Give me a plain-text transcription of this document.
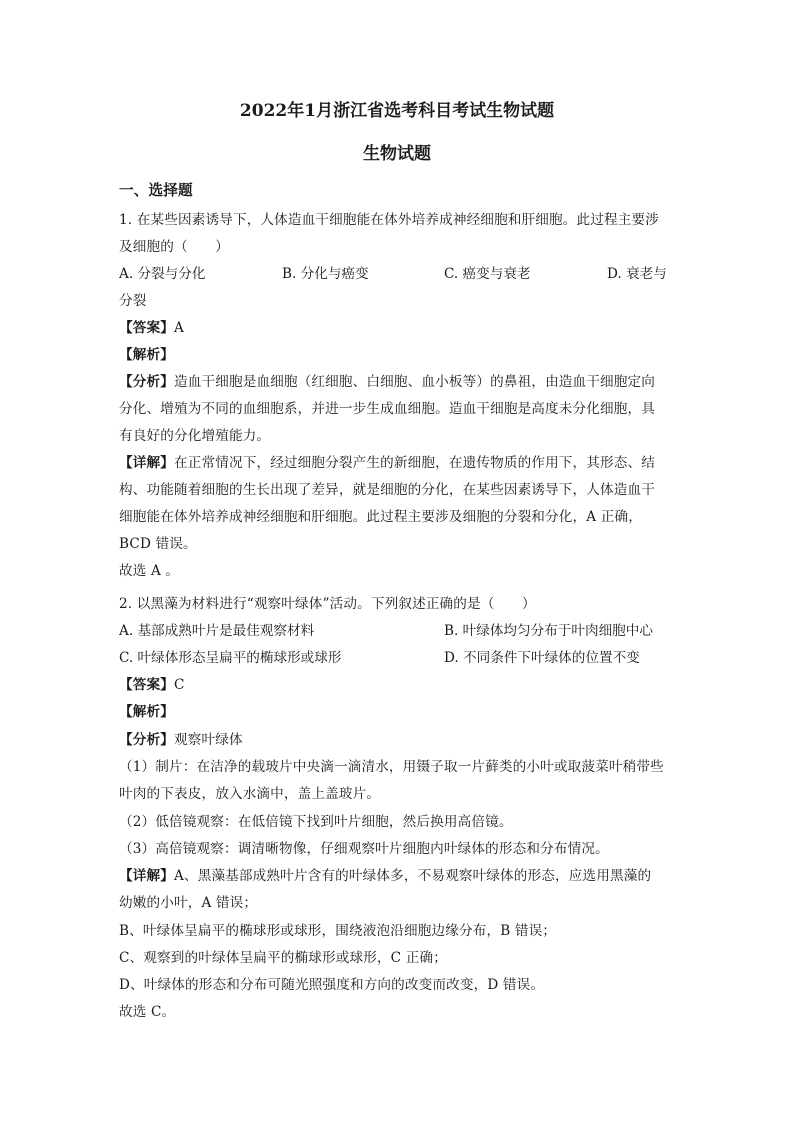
2022年1月浙江省选考科目考试生物试题
生物试题
一、选择题
1. 在某些因素诱导下，人体造血干细胞能在体外培养成神经细胞和肝细胞。此过程主要涉
及细胞的（　　）
A. 分裂与分化	B. 分化与癌变	C. 癌变与衰老	D. 衰老与
分裂
【答案】A
【解析】
【分析】造血干细胞是血细胞（红细胞、白细胞、血小板等）的鼻祖，由造血干细胞定向
分化、增殖为不同的血细胞系，并进一步生成血细胞。造血干细胞是高度未分化细胞，具
有良好的分化增殖能力。
【详解】在正常情况下，经过细胞分裂产生的新细胞，在遗传物质的作用下，其形态、结
构、功能随着细胞的生长出现了差异，就是细胞的分化，在某些因素诱导下，人体造血干
细胞能在体外培养成神经细胞和肝细胞。此过程主要涉及细胞的分裂和分化，A 正确，
BCD 错误。
故选 A 。
2. 以黑藻为材料进行“观察叶绿体”活动。下列叙述正确的是（　　）
A. 基部成熟叶片是最佳观察材料	B. 叶绿体均匀分布于叶肉细胞中心
C. 叶绿体形态呈扁平的椭球形或球形	D. 不同条件下叶绿体的位置不变
【答案】C
【解析】
【分析】观察叶绿体
（1）制片：在洁净的载玻片中央滴一滴清水，用镊子取一片藓类的小叶或取菠菜叶稍带些
叶肉的下表皮，放入水滴中，盖上盖玻片。
（2）低倍镜观察：在低倍镜下找到叶片细胞，然后换用高倍镜。
（3）高倍镜观察：调清晰物像，仔细观察叶片细胞内叶绿体的形态和分布情况。
【详解】A、黑藻基部成熟叶片含有的叶绿体多，不易观察叶绿体的形态，应选用黑藻的
幼嫩的小叶，A 错误；
B、叶绿体呈扁平的椭球形或球形，围绕液泡沿细胞边缘分布，B 错误；
C、观察到的叶绿体呈扁平的椭球形或球形，C 正确；
D、叶绿体的形态和分布可随光照强度和方向的改变而改变，D 错误。
故选 C。
